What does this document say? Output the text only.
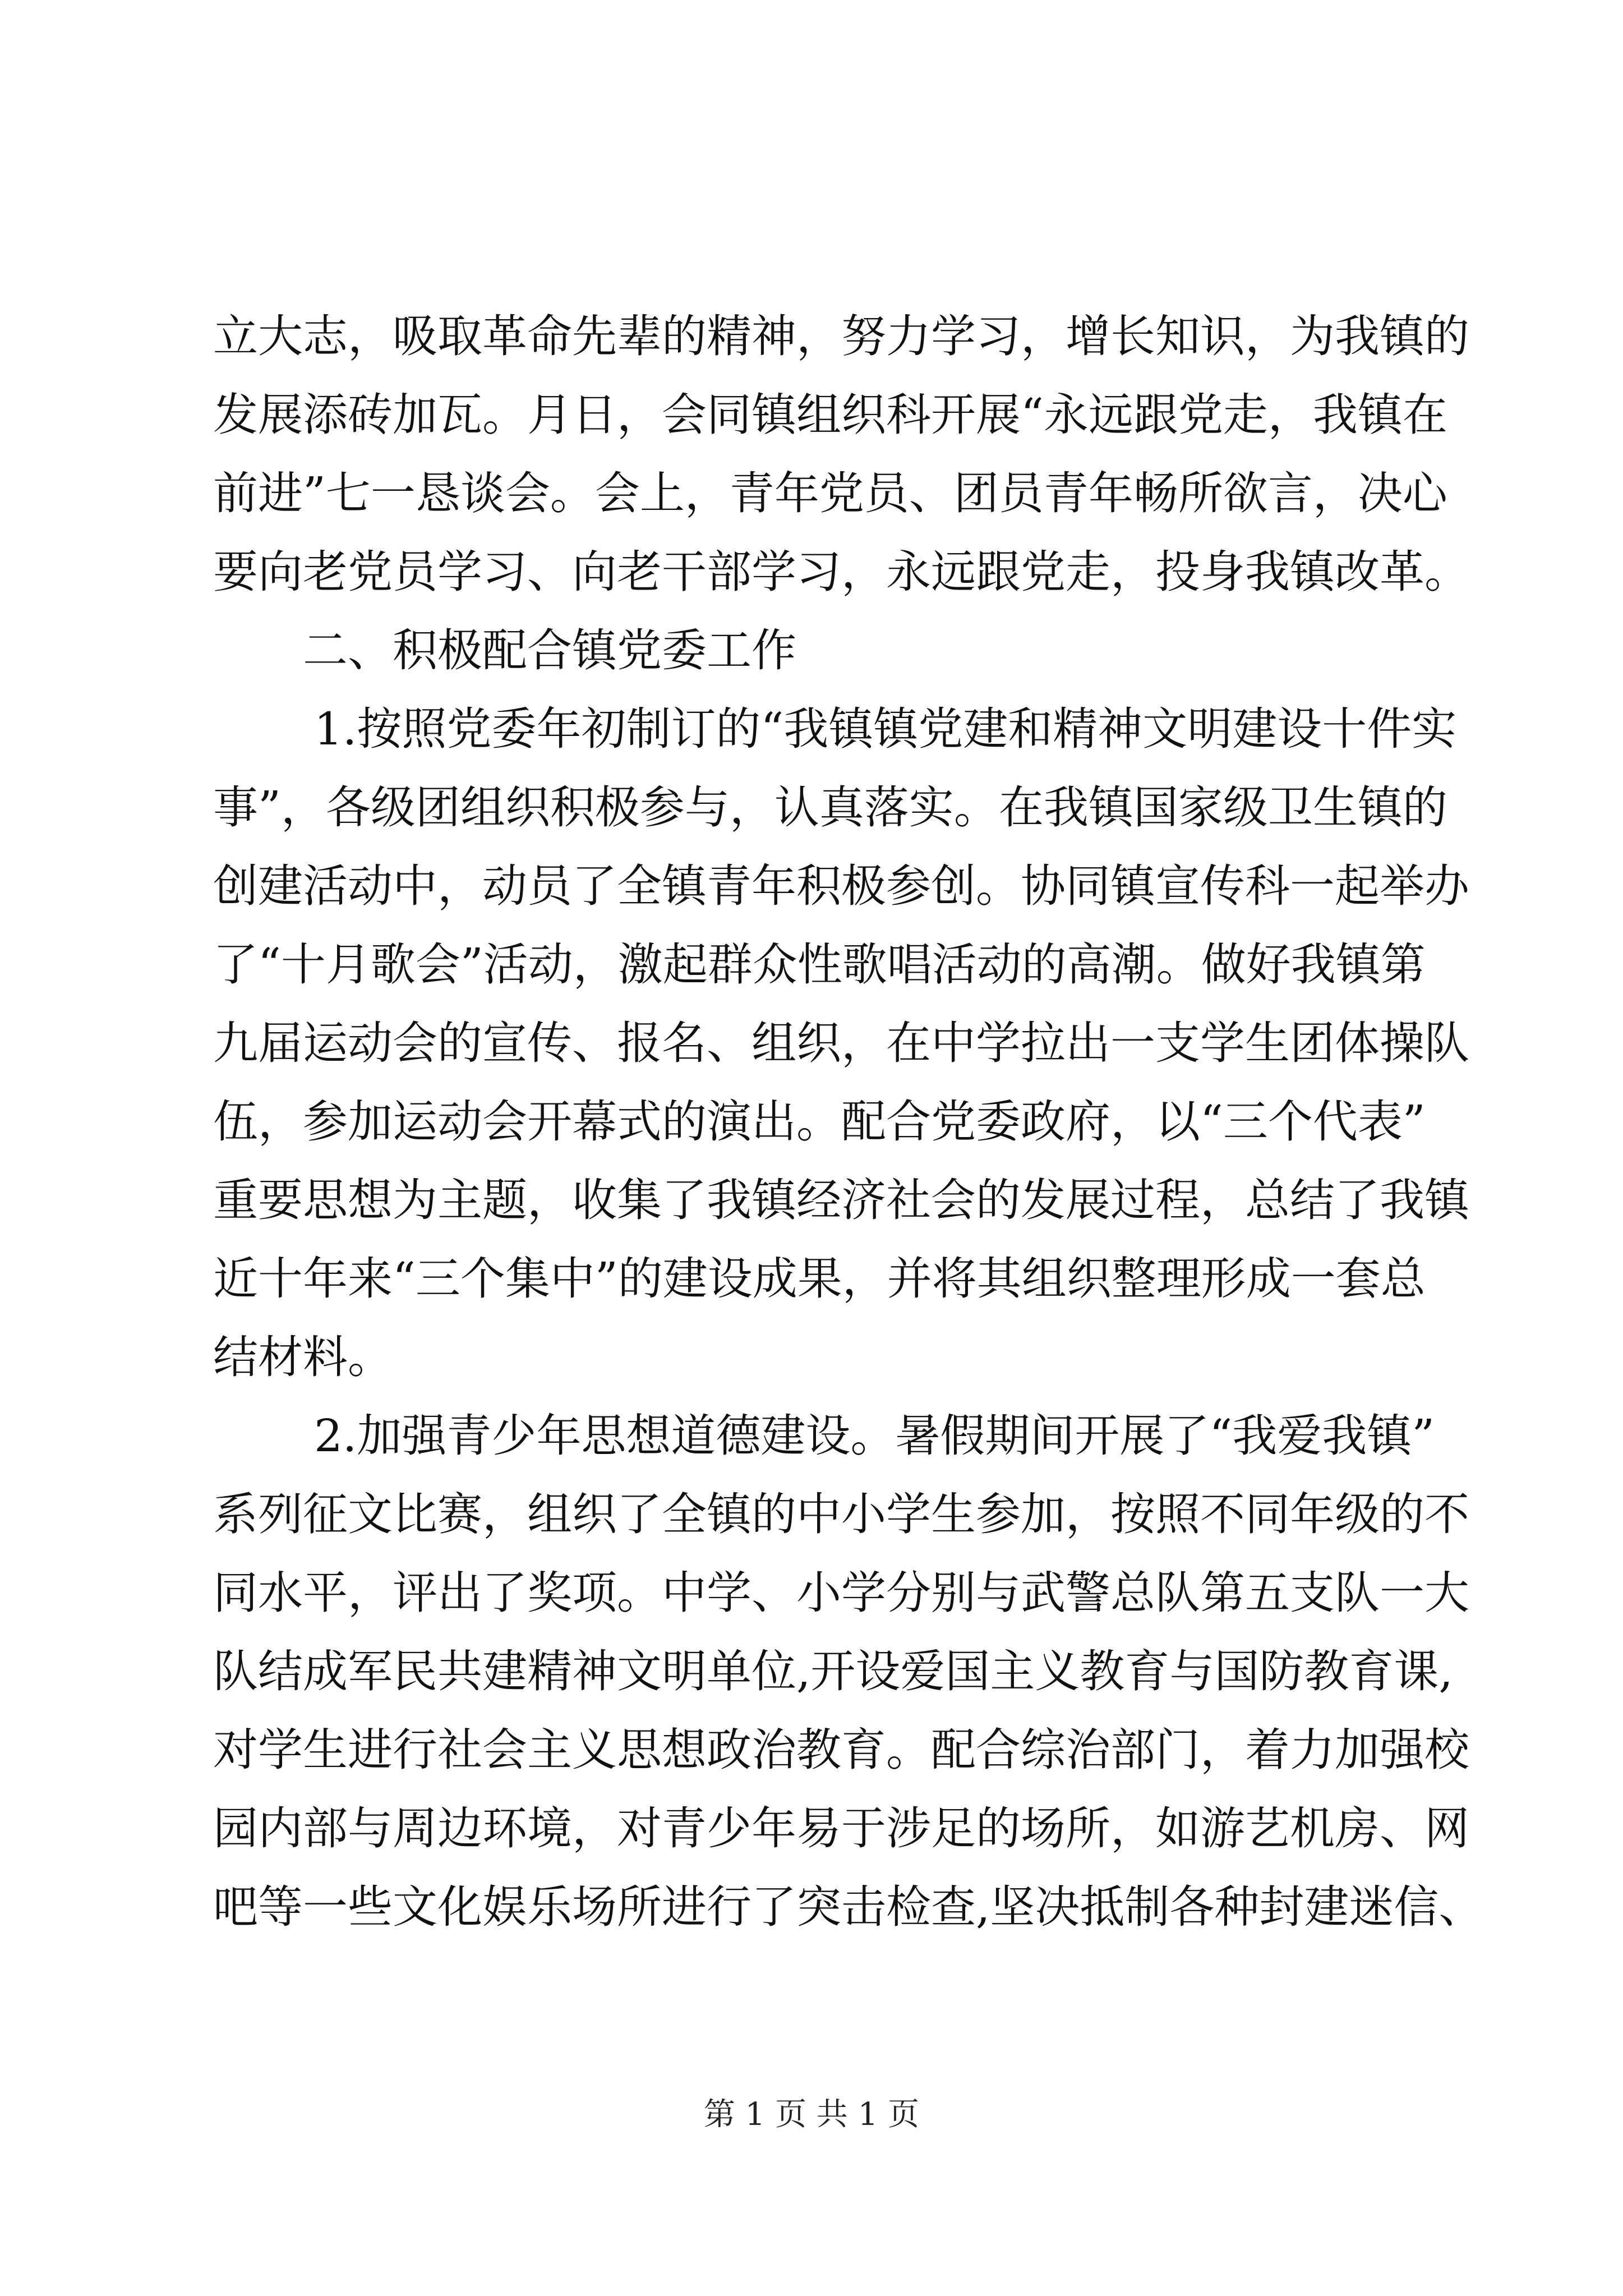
立大志，吸取革命先辈的精神，努力学习，增长知识，为我镇的
发展添砖加瓦。月日，会同镇组织科开展“永远跟党走，我镇在
前进”七一恳谈会。会上，青年党员、团员青年畅所欲言，决心
要向老党员学习、向老干部学习，永远跟党走，投身我镇改革。
二、积极配合镇党委工作
1.按照党委年初制订的“我镇镇党建和精神文明建设十件实
事”，各级团组织积极参与，认真落实。在我镇国家级卫生镇的
创建活动中，动员了全镇青年积极参创。协同镇宣传科一起举办
了“十月歌会”活动，激起群众性歌唱活动的高潮。做好我镇第
九届运动会的宣传、报名、组织，在中学拉出一支学生团体操队
伍，参加运动会开幕式的演出。配合党委政府，以“三个代表”
重要思想为主题，收集了我镇经济社会的发展过程，总结了我镇
近十年来“三个集中”的建设成果，并将其组织整理形成一套总
结材料。
2.加强青少年思想道德建设。暑假期间开展了“我爱我镇”
系列征文比赛，组织了全镇的中小学生参加，按照不同年级的不
同水平，评出了奖项。中学、小学分别与武警总队第五支队一大
队结成军民共建精神文明单位,开设爱国主义教育与国防教育课,
对学生进行社会主义思想政治教育。配合综治部门，着力加强校
园内部与周边环境，对青少年易于涉足的场所，如游艺机房、网
吧等一些文化娱乐场所进行了突击检查,坚决抵制各种封建迷信、
第 1 页 共 1 页
